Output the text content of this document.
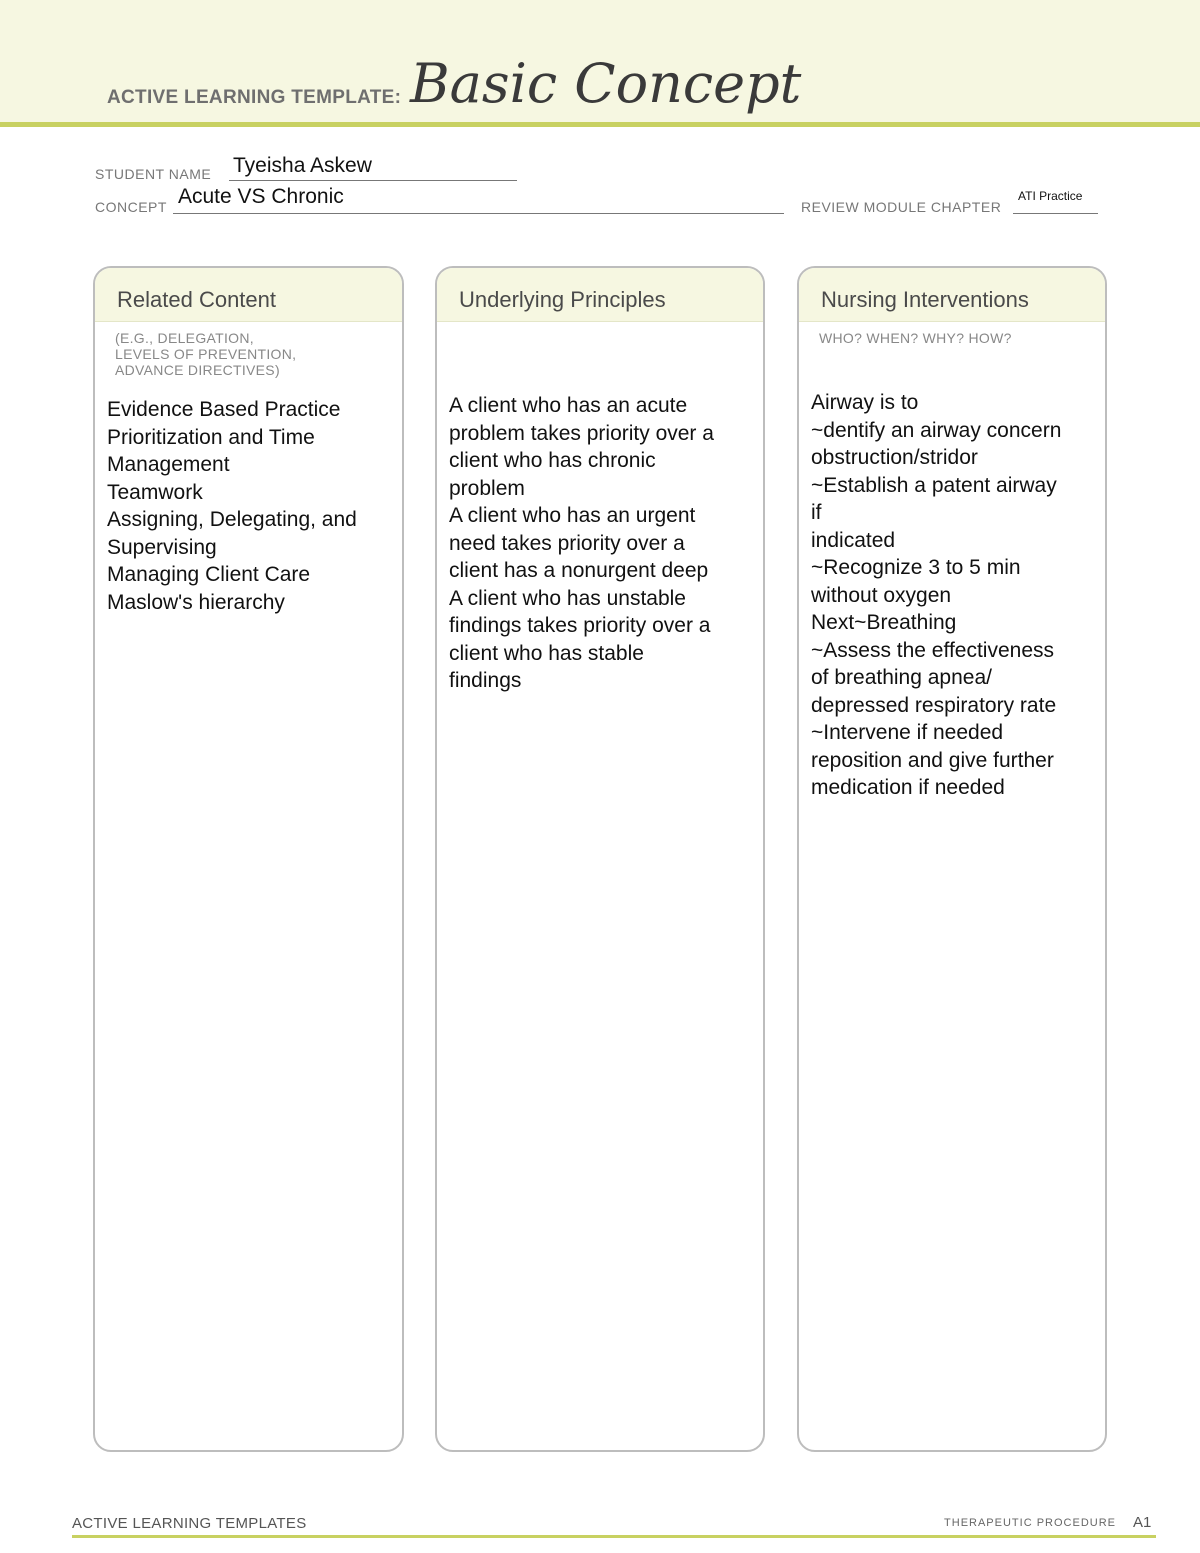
ACTIVE LEARNING TEMPLATE: Basic Concept
STUDENT NAME Tyeisha Askew
CONCEPT Acute VS Chronic	REVIEW MODULE CHAPTER
ATI Practice
Related Content
(E.G., DELEGATION,
LEVELS OF PREVENTION,
ADVANCE DIRECTIVES)
Evidence Based Practice
Prioritization and Time
Management
Teamwork
Assigning, Delegating, and
Supervising
Managing Client Care
Maslow's hierarchy
Underlying Principles
A client who has an acute
problem takes priority over a
client who has chronic
problem
A client who has an urgent
need takes priority over a
client has a nonurgent deep
A client who has unstable
findings takes priority over a
client who has stable
findings
Nursing Interventions
WHO? WHEN? WHY? HOW?
Airway is to
~dentify an airway concern
obstruction/stridor
~Establish a patent airway
if
indicated
~Recognize 3 to 5 min
without oxygen
Next~Breathing
~Assess the effectiveness
of breathing apnea/
depressed respiratory rate
~Intervene if needed
reposition and give further
medication if needed
ACTIVE LEARNING TEMPLATES	THERAPEUTIC PROCEDURE A1
